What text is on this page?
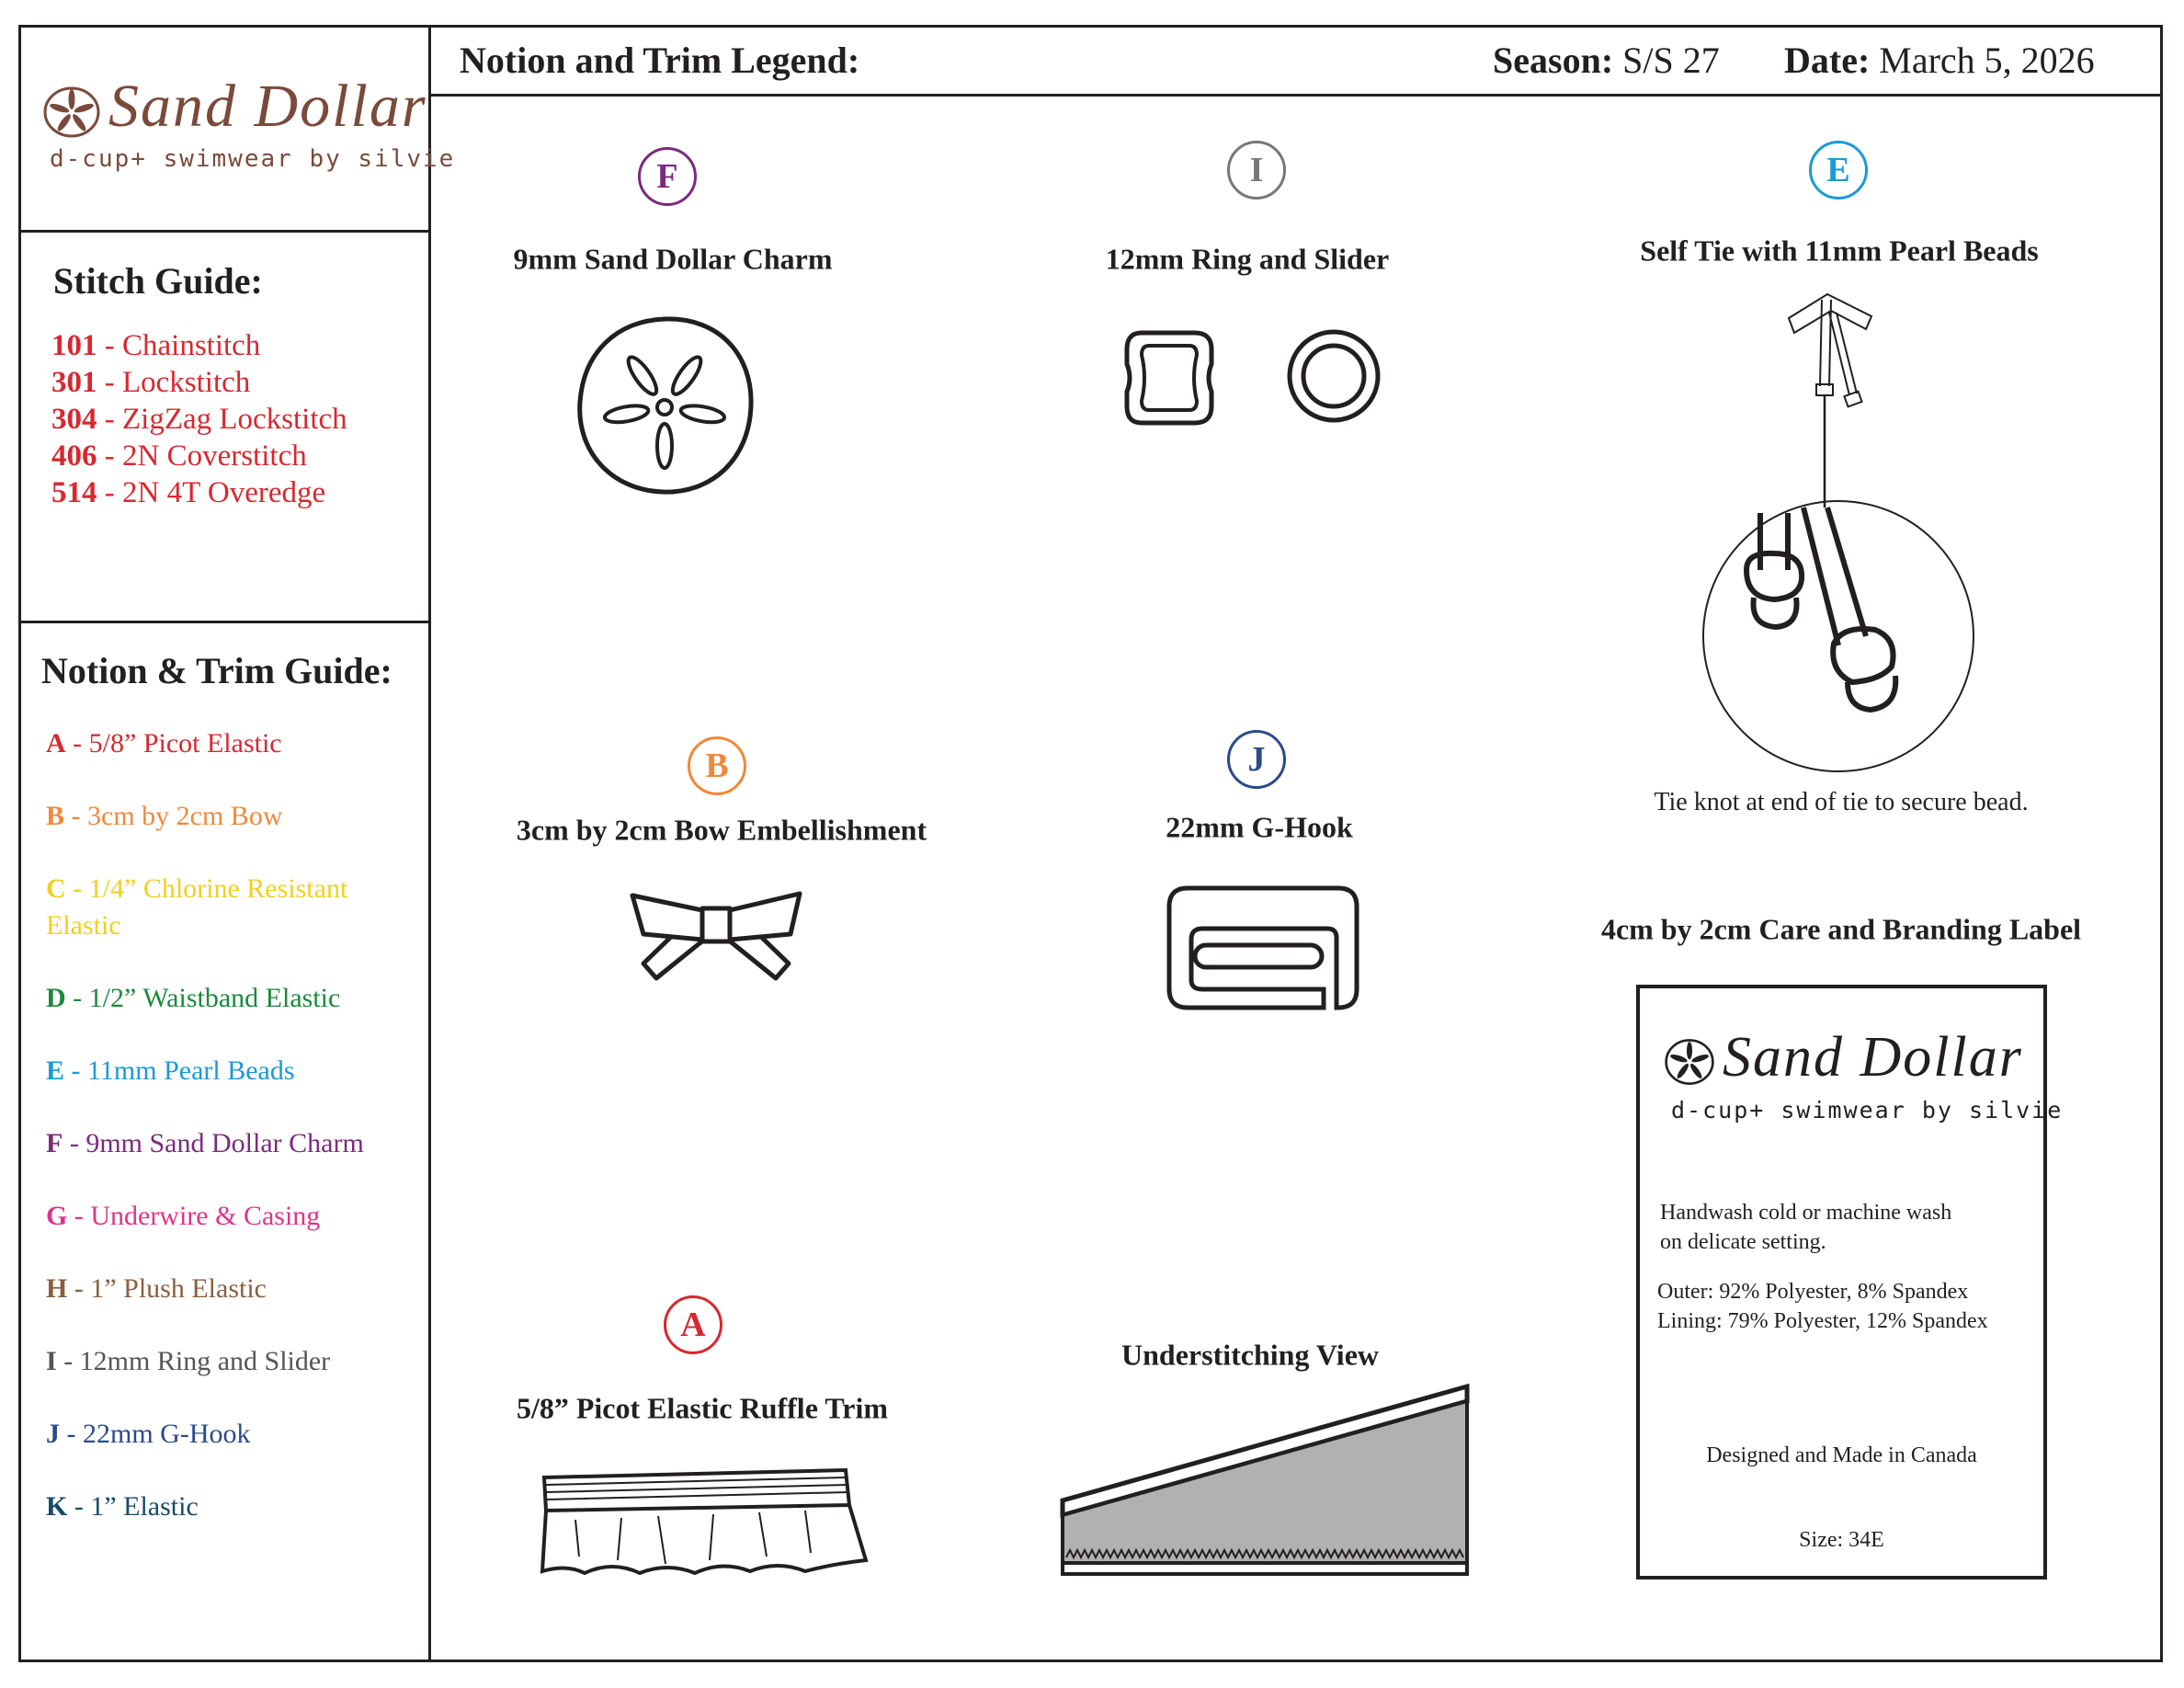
Notion and Trim Legend:	Season: S/S 27 Date: March 5, 2026
Sand Dollar
d-cup+ swimwear by silvie
Stitch Guide:
101 - Chainstitch
301 - Lockstitch
304 - ZigZag Lockstitch
406 - 2N Coverstitch
514 - 2N 4T Overedge
Notion & Trim Guide:
A - 5/8” Picot Elastic
B - 3cm by 2cm Bow
C - 1/4” Chlorine Resistant Elastic
D - 1/2” Waistband Elastic
E - 11mm Pearl Beads
F - 9mm Sand Dollar Charm
G - Underwire & Casing
H - 1” Plush Elastic
I - 12mm Ring and Slider
J - 22mm G-Hook
K - 1” Elastic
F
9mm Sand Dollar Charm
I
12mm Ring and Slider
E
Self Tie with 11mm Pearl Beads
Tie knot at end of tie to secure bead.
B
3cm by 2cm Bow Embellishment
J
22mm G-Hook
4cm by 2cm Care and Branding Label
Sand Dollar
d-cup+ swimwear by silvie
Handwash cold or machine wash
on delicate setting.
Outer: 92% Polyester, 8% Spandex
Lining: 79% Polyester, 12% Spandex
Designed and Made in Canada
Size: 34E
A
5/8” Picot Elastic Ruffle Trim
Understitching View
